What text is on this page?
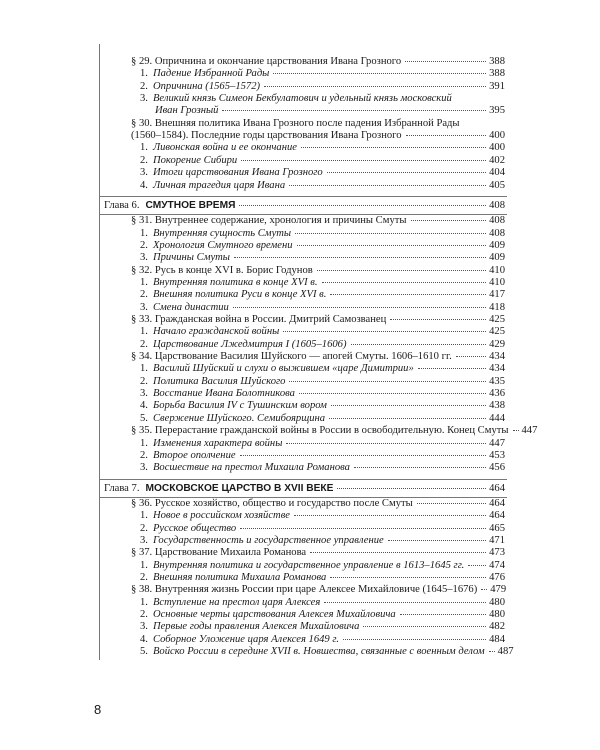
§ 29. Опричнина и окончание царствования Ивана Грозного	388
1. Падение Избранной Рады	388
2. Опричнина (1565–1572)	391
3. Великий князь Симеон Бекбулатович и удельный князь московский
Иван Грозный	395
§ 30. Внешняя политика Ивана Грозного после падения Избранной Рады
(1560–1584). Последние годы царствования Ивана Грозного	400
1. Ливонская война и ее окончание	400
2. Покорение Сибири	402
3. Итоги царствования Ивана Грозного	404
4. Личная трагедия царя Ивана	405
Глава 6. СМУТНОЕ ВРЕМЯ	408
§ 31. Внутреннее содержание, хронология и причины Смуты	408
1. Внутренняя сущность Смуты	408
2. Хронология Смутного времени	409
3. Причины Смуты	409
§ 32. Русь в конце XVI в. Борис Годунов	410
1. Внутренняя политика в конце XVI в.	410
2. Внешняя политика Руси в конце XVI в.	417
3. Смена династии	418
§ 33. Гражданская война в России. Дмитрий Самозванец	425
1. Начало гражданской войны	425
2. Царствование Лжедмитрия I (1605–1606)	429
§ 34. Царствование Василия Шуйского — апогей Смуты. 1606–1610 гг.	434
1. Василий Шуйский и слухи о выжившем «царе Димитрии»	434
2. Политика Василия Шуйского	435
3. Восстание Ивана Болотникова	436
4. Борьба Василия IV с Тушинским вором	438
5. Свержение Шуйского. Семибоярщина	444
§ 35. Перерастание гражданской войны в России в освободительную. Конец Смуты 447
1. Изменения характера войны	447
2. Второе ополчение	453
3. Восшествие на престол Михаила Романова	456
Глава 7. МОСКОВСКОЕ ЦАРСТВО В XVII ВЕКЕ	464
§ 36. Русское хозяйство, общество и государство после Смуты	464
1. Новое в российском хозяйстве	464
2. Русское общество	465
3. Государственность и государственное управление	471
§ 37. Царствование Михаила Романова	473
1. Внутренняя политика и государственное управление в 1613–1645 гг. 474
2. Внешняя политика Михаила Романова	476
§ 38. Внутренняя жизнь России при царе Алексее Михайловиче (1645–1676) 479
1. Вступление на престол царя Алексея	480
2. Основные черты царствования Алексея Михайловича	480
3. Первые годы правления Алексея Михайловича	482
4. Соборное Уложение царя Алексея 1649 г.	484
5. Войско России в середине XVII в. Новшества, связанные с военным делом 487
8
